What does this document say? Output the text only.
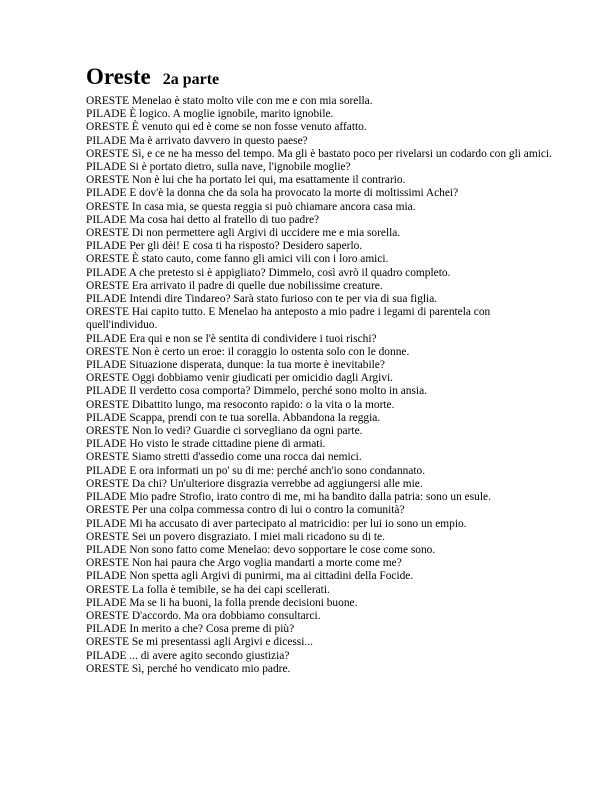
Oreste 2a parte

ORESTE Menelao è stato molto vile con me e con mia sorella.

PILADE È logico. A moglie ignobile, marito ignobile.

ORESTE È venuto qui ed è come se non fosse venuto affatto.

PILADE Ma è arrivato davvero in questo paese?

ORESTE Sì, e ce ne ha messo del tempo. Ma gli è bastato poco per rivelarsi un codardo con gli amici.

PILADE Si è portato dietro, sulla nave, l'ignobile moglie?

ORESTE Non è lui che ha portato lei qui, ma esattamente il contrario.

PILADE E dov'è la donna che da sola ha provocato la morte di moltissimi Achei?

ORESTE In casa mia, se questa reggia si può chiamare ancora casa mia.

PILADE Ma cosa hai detto al fratello di tuo padre?

ORESTE Di non permettere agli Argivi di uccidere me e mia sorella.

PILADE Per gli dèi! E cosa ti ha risposto? Desidero saperlo.

ORESTE È stato cauto, come fanno gli amici vili con i loro amici.

PILADE A che pretesto si è appigliato? Dimmelo, così avrò il quadro completo.

ORESTE Era arrivato il padre di quelle due nobilissime creature.

PILADE Intendi dire Tindareo? Sarà stato furioso con te per via di sua figlia.

ORESTE Hai capito tutto. E Menelao ha anteposto a mio padre i legami di parentela con quell'individuo.

PILADE Era qui e non se l'è sentita di condividere i tuoi rischi?

ORESTE Non è certo un eroe: il coraggio lo ostenta solo con le donne.

PILADE Situazione disperata, dunque: la tua morte è inevitabile?

ORESTE Oggi dobbiamo venir giudicati per omicidio dagli Argivi.

PILADE Il verdetto cosa comporta? Dimmelo, perché sono molto in ansia.

ORESTE Dibattito lungo, ma resoconto rapido: o la vita o la morte.

PILADE Scappa, prendi con te tua sorella. Abbandona la reggia.

ORESTE Non lo vedi? Guardie ci sorvegliano da ogni parte.

PILADE Ho visto le strade cittadine piene di armati.

ORESTE Siamo stretti d'assedio come una rocca dai nemici.

PILADE E ora informati un po' su di me: perché anch'io sono condannato.

ORESTE Da chi? Un'ulteriore disgrazia verrebbe ad aggiungersi alle mie.

PILADE Mio padre Strofio, irato contro di me, mi ha bandito dalla patria: sono un esule.

ORESTE Per una colpa commessa contro di lui o contro la comunità?

PILADE Mi ha accusato di aver partecipato al matricidio: per lui io sono un empio.

ORESTE Sei un povero disgraziato. I miei mali ricadono su di te.

PILADE Non sono fatto come Menelao: devo sopportare le cose come sono.

ORESTE Non hai paura che Argo voglia mandarti a morte come me?

PILADE Non spetta agli Argivi di punirmi, ma ai cittadini della Focide.

ORESTE La folla è temibile, se ha dei capi scellerati.

PILADE Ma se li ha buoni, la folla prende decisioni buone.

ORESTE D'accordo. Ma ora dobbiamo consultarci.

PILADE In merito a che? Cosa preme di più?

ORESTE Se mi presentassi agli Argivi e dicessi...

PILADE ... di avere agito secondo giustizia?

ORESTE Sì, perché ho vendicato mio padre.
